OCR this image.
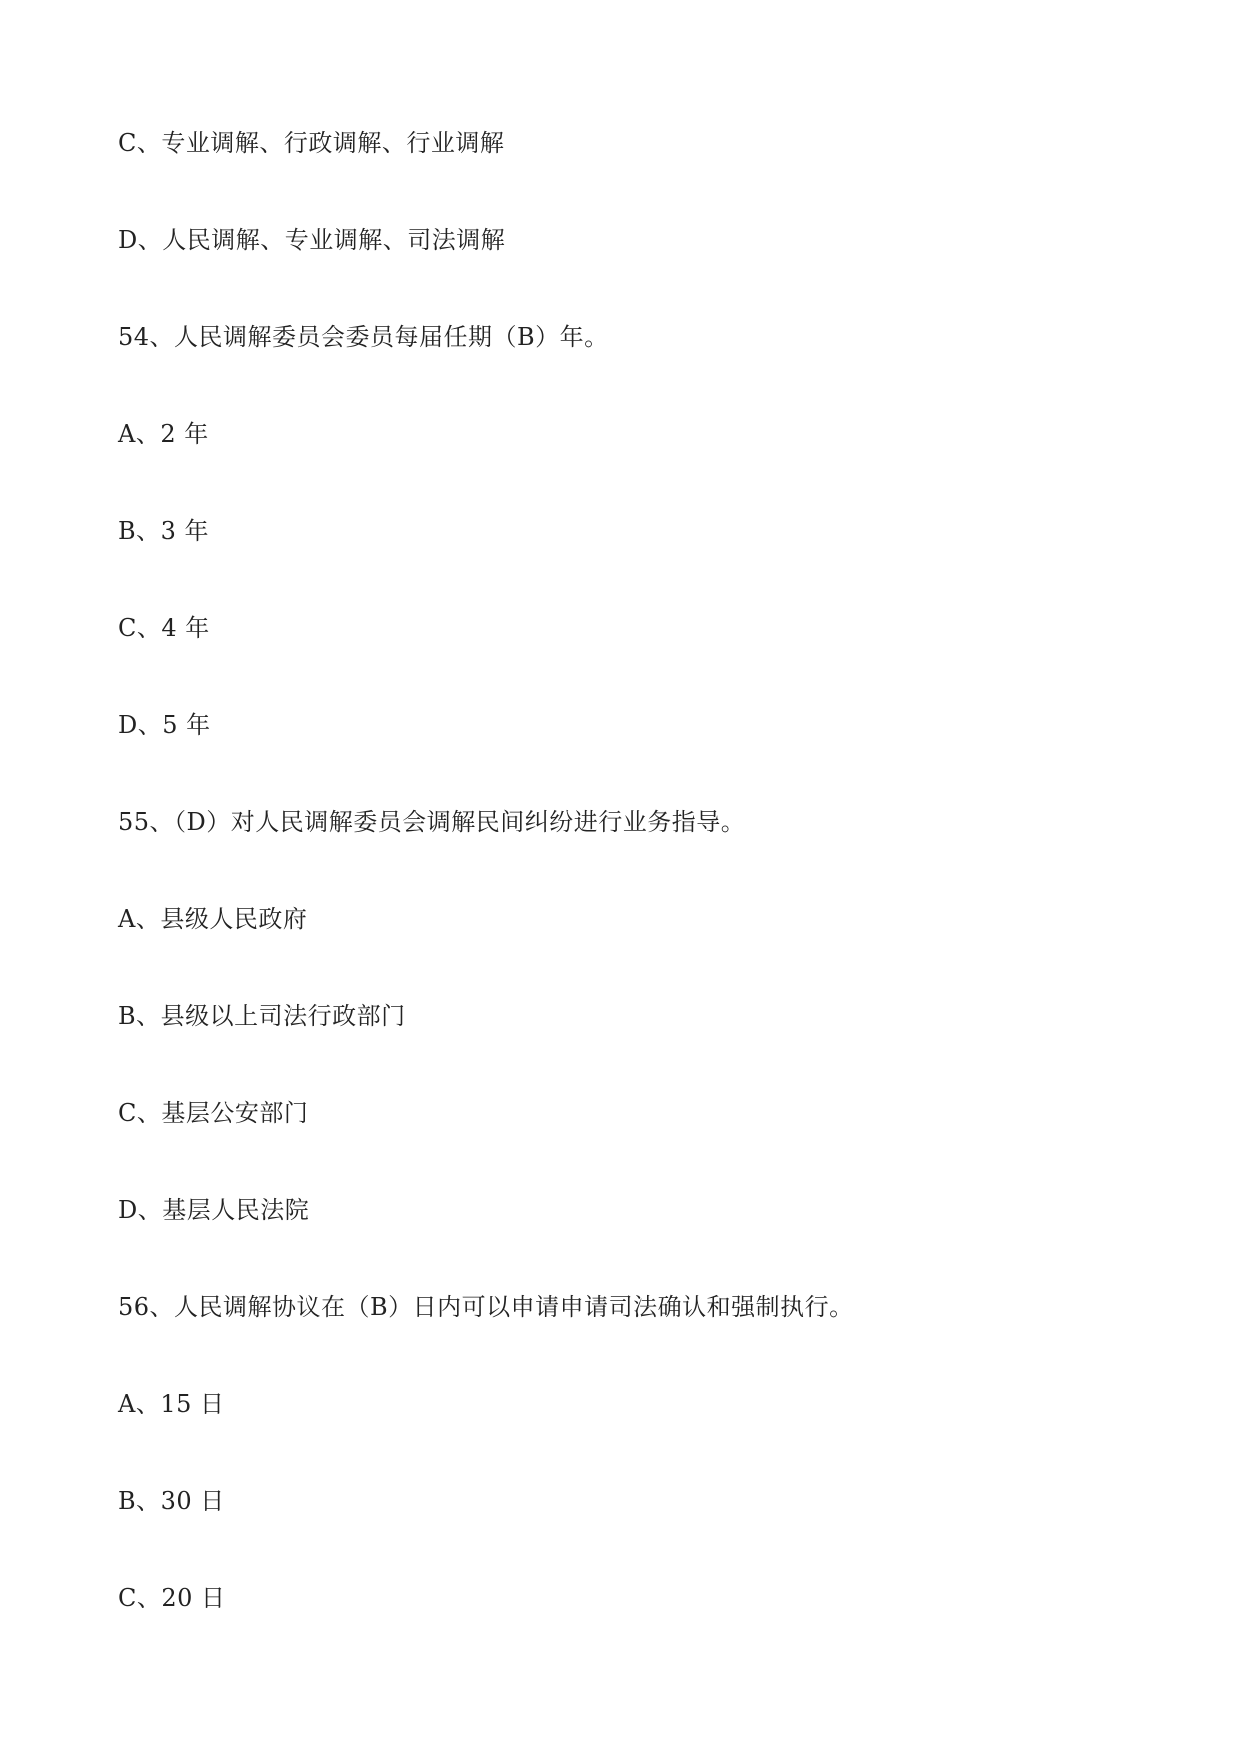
C、专业调解、行政调解、行业调解
D、人民调解、专业调解、司法调解
54、人民调解委员会委员每届任期（B）年。
A、2 年
B、3 年
C、4 年
D、5 年
55、（D）对人民调解委员会调解民间纠纷进行业务指导。
A、县级人民政府
B、县级以上司法行政部门
C、基层公安部门
D、基层人民法院
56、人民调解协议在（B）日内可以申请申请司法确认和强制执行。
A、15 日
B、30 日
C、20 日
